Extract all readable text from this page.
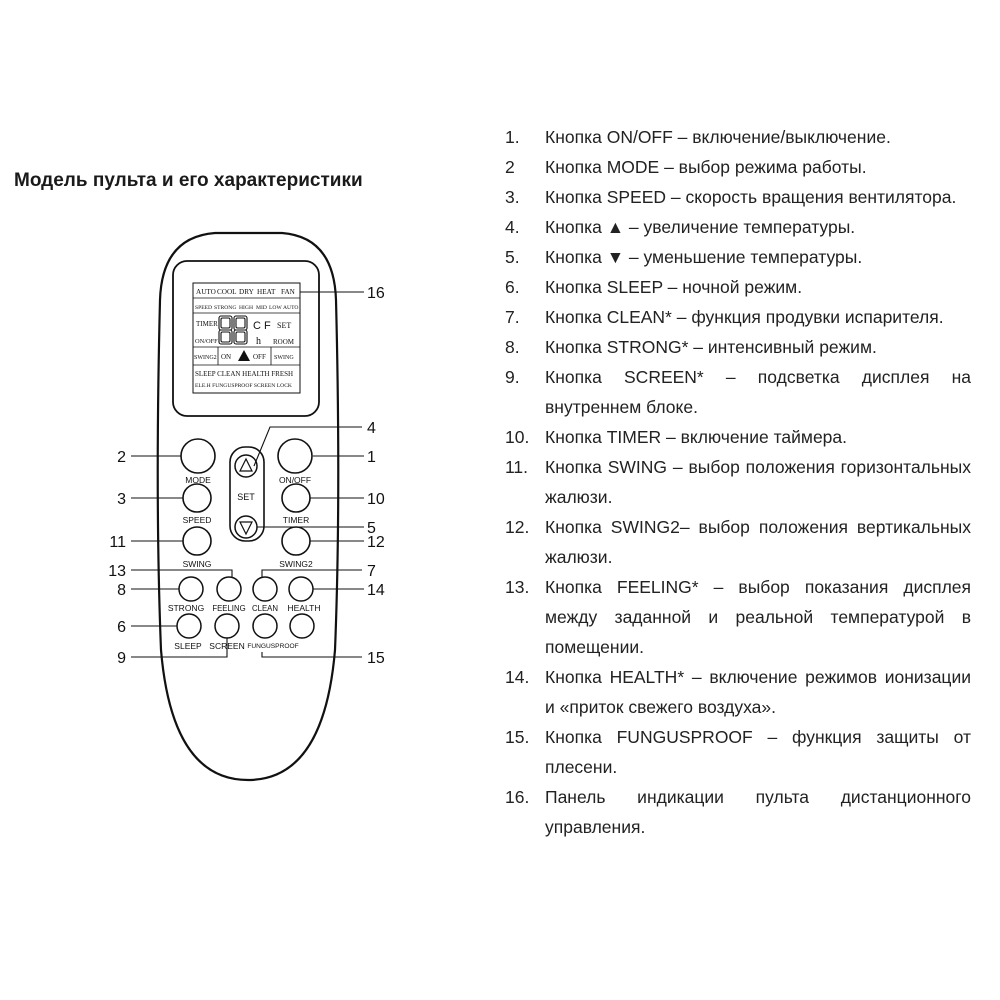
Модель пульта и его характеристики
AUTO COOL DRY HEAT FAN
SPEED STRONG HIGH MID LOW AUTO
TIMER
ON/OFF
C F SET
h ROOM
SWING2 ON	OFF SWING
SLEEP CLEAN HEALTH FRESH
ELE.H FUNGUSPROOF SCREEN LOCK
SET
MODE	ON/OFF
SPEED	TIMER
SWING	SWING2
STRONG FEELING CLEAN HEALTH
SLEEP SCREEN FUNGUSPROOF
16
4
1
10
5
12
7
14
15
2
3
11
13
8
6
9
1.	Кнопка ON/OFF – включение/выключение.
2	Кнопка MODE – выбор режима работы.
3.	Кнопка SPEED – скорость вращения вентилятора.
4.	Кнопка ▲ – увеличение температуры.
5.	Кнопка ▼ – уменьшение температуры.
6.	Кнопка SLEEP – ночной режим.
7.	Кнопка CLEAN* – функция продувки испарителя.
8.	Кнопка STRONG* – интенсивный режим.
9.	Кнопка SCREEN* – подсветка дисплея на внутреннем блоке.
10. Кнопка TIMER – включение таймера.
11. Кнопка SWING – выбор положения горизонтальных жалюзи.
12. Кнопка SWING2– выбор положения вертикальных жалюзи.
13. Кнопка FEELING* – выбор показания дисплея между заданной и реальной температурой в помещении.
14. Кнопка HEALTH* – включение режимов ионизации и «приток свежего воздуха».
15. Кнопка FUNGUSPROOF – функция защиты от плесени.
16. Панель индикации пульта дистанционного управления.
